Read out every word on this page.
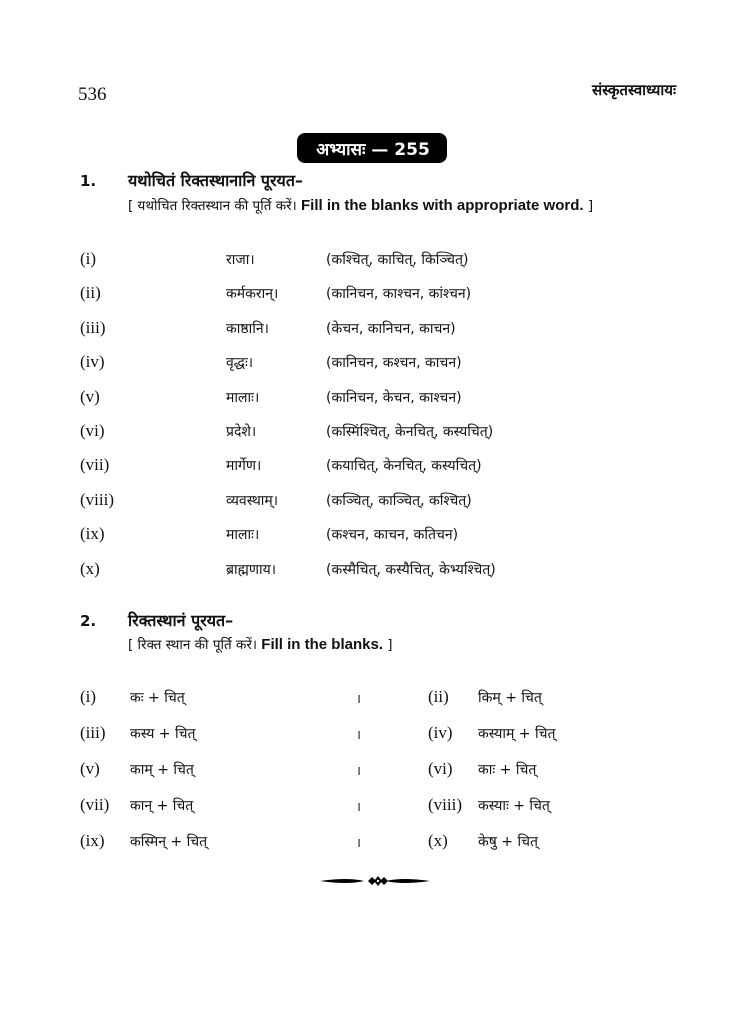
536	संस्कृतस्वाध्यायः
अभ्यासः — 255
1. यथोचितं रिक्तस्थानानि पूरयत–
[ यथोचित रिक्तस्थान की पूर्ति करें। Fill in the blanks with appropriate word. ]
(i)	राजा।	(कश्चित्, काचित्, किञ्चित्)
(ii)	कर्मकरान्।	(कानिचन, काश्चन, कांश्चन)
(iii)	काष्ठानि।	(केचन, कानिचन, काचन)
(iv)	वृद्धः।	(कानिचन, कश्चन, काचन)
(v)	मालाः।	(कानिचन, केचन, काश्चन)
(vi)	प्रदेशे।	(कस्मिंश्चित्, केनचित्, कस्यचित्)
(vii)	मार्गेण।	(कयाचित्, केनचित्, कस्यचित्)
(viii)	व्यवस्थाम्।	(कञ्चित्, काञ्चित्, कश्चित्)
(ix)	मालाः।	(कश्चन, काचन, कतिचन)
(x)	ब्राह्मणाय।	(कस्मैचित्, कस्यैचित्, केभ्यश्चित्)
2. रिक्तस्थानं पूरयत–
[ रिक्त स्थान की पूर्ति करें। Fill in the blanks. ]
(i) कः + चित्	।	(ii) किम् + चित्
(iii) कस्य + चित्	।	(iv) कस्याम् + चित्
(v) काम् + चित्	।	(vi) काः + चित्
(vii) कान् + चित्	।	(viii) कस्याः + चित्
(ix) कस्मिन् + चित्	।	(x) केषु + चित्
